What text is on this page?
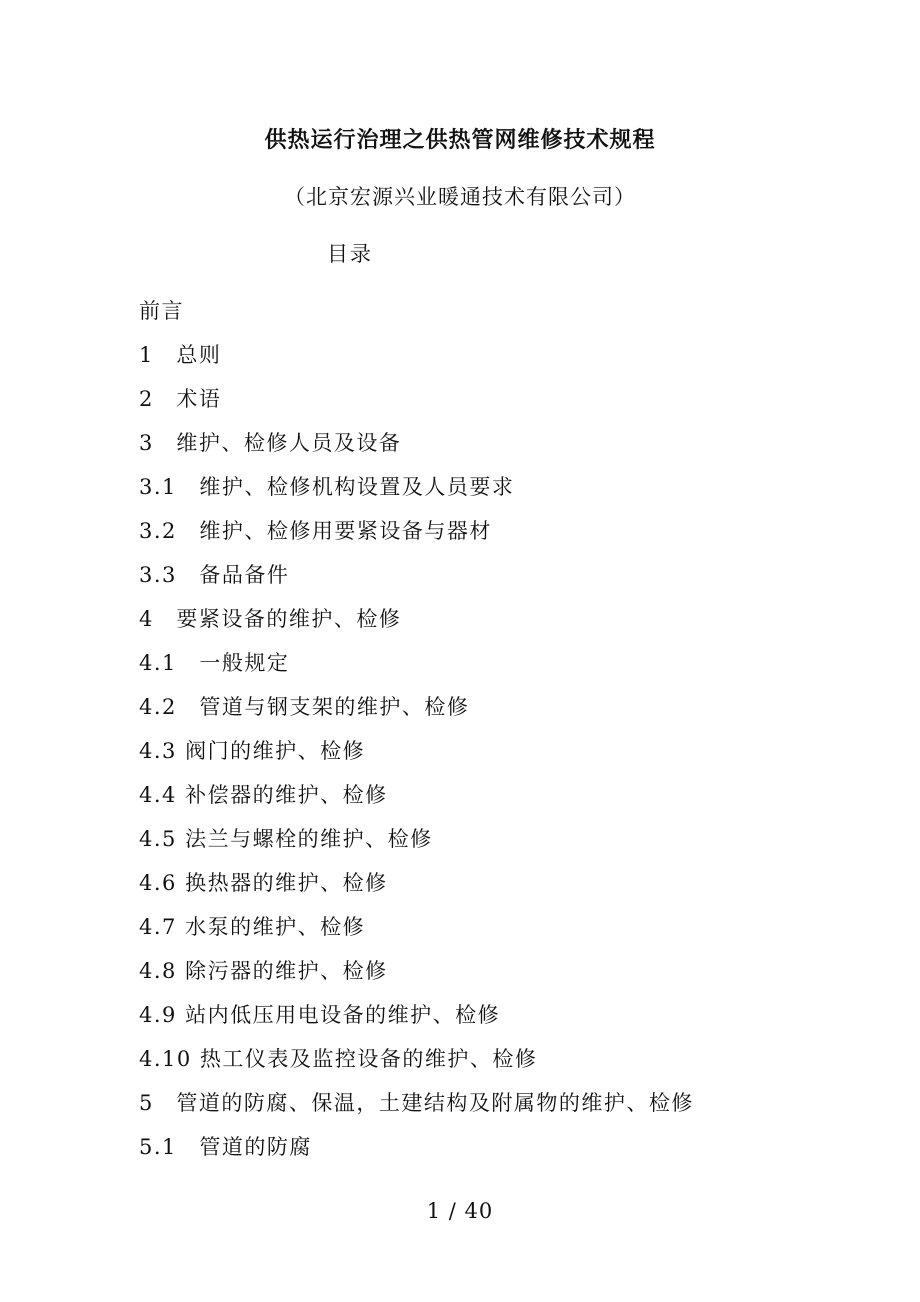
供热运行治理之供热管网维修技术规程
（北京宏源兴业暖通技术有限公司）
目录
前言
1　总则
2　术语
3　维护、检修人员及设备
3.1　维护、检修机构设置及人员要求
3.2　维护、检修用要紧设备与器材
3.3　备品备件
4　要紧设备的维护、检修
4.1　一般规定
4.2　管道与钢支架的维护、检修
4.3 阀门的维护、检修
4.4 补偿器的维护、检修
4.5 法兰与螺栓的维护、检修
4.6 换热器的维护、检修
4.7 水泵的维护、检修
4.8 除污器的维护、检修
4.9 站内低压用电设备的维护、检修
4.10 热工仪表及监控设备的维护、检修
5　管道的防腐、保温，土建结构及附属物的维护、检修
5.1　管道的防腐
1 / 40
